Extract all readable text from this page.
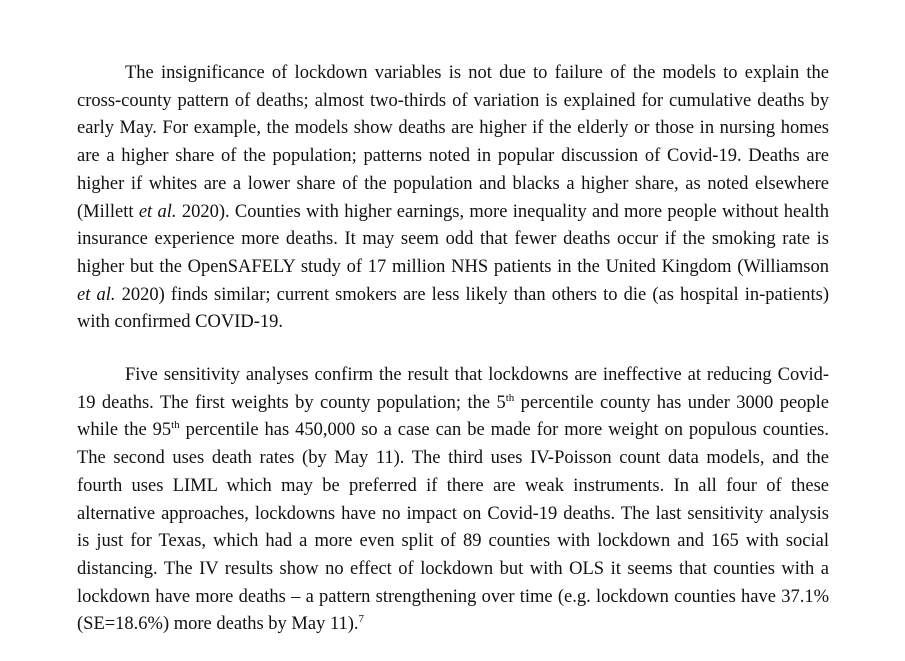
The insignificance of lockdown variables is not due to failure of the models to explain the cross-county pattern of deaths; almost two-thirds of variation is explained for cumulative deaths by early May. For example, the models show deaths are higher if the elderly or those in nursing homes are a higher share of the population; patterns noted in popular discussion of Covid-19. Deaths are higher if whites are a lower share of the population and blacks a higher share, as noted elsewhere (Millett et al. 2020). Counties with higher earnings, more inequality and more people without health insurance experience more deaths. It may seem odd that fewer deaths occur if the smoking rate is higher but the OpenSAFELY study of 17 million NHS patients in the United Kingdom (Williamson et al. 2020) finds similar; current smokers are less likely than others to die (as hospital in-patients) with confirmed COVID-19.

Five sensitivity analyses confirm the result that lockdowns are ineffective at reducing Covid-19 deaths. The first weights by county population; the 5th percentile county has under 3000 people while the 95th percentile has 450,000 so a case can be made for more weight on populous counties. The second uses death rates (by May 11). The third uses IV-Poisson count data models, and the fourth uses LIML which may be preferred if there are weak instruments. In all four of these alternative approaches, lockdowns have no impact on Covid-19 deaths. The last sensitivity analysis is just for Texas, which had a more even split of 89 counties with lockdown and 165 with social distancing. The IV results show no effect of lockdown but with OLS it seems that counties with a lockdown have more deaths – a pattern strengthening over time (e.g. lockdown counties have 37.1% (SE=18.6%) more deaths by May 11).$^7$
